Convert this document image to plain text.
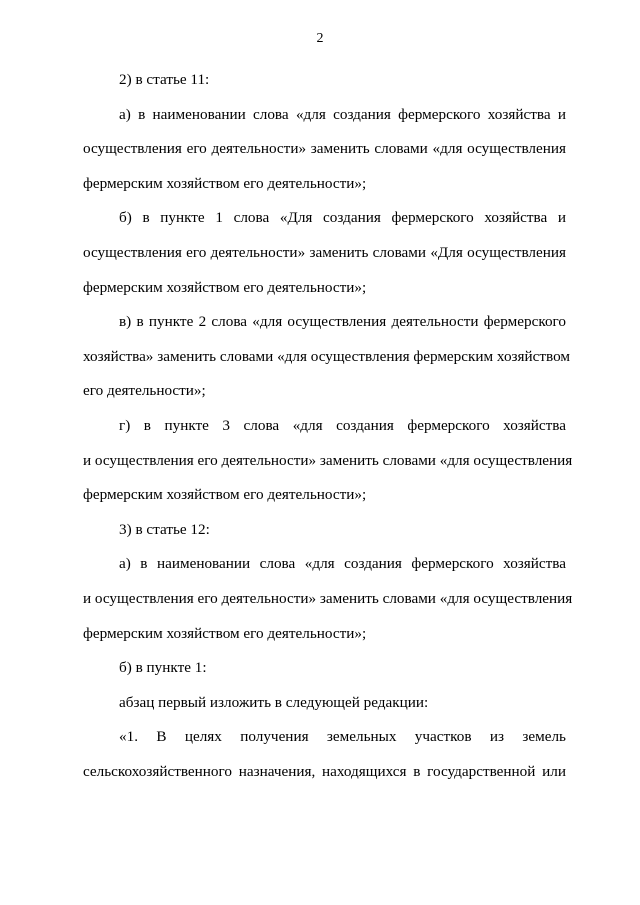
2
2) в статье 11:
а) в наименовании слова «для создания фермерского хозяйства и
осуществления его деятельности» заменить словами «для осуществления
фермерским хозяйством его деятельности»;
б) в пункте 1 слова «Для создания фермерского хозяйства и
осуществления его деятельности» заменить словами «Для осуществления
фермерским хозяйством его деятельности»;
в) в пункте 2 слова «для осуществления деятельности фермерского
хозяйства» заменить словами «для осуществления фермерским хозяйством
его деятельности»;
г) в пункте 3 слова «для создания фермерского хозяйства
и осуществления его деятельности» заменить словами «для осуществления
фермерским хозяйством его деятельности»;
3) в статье 12:
а) в наименовании слова «для создания фермерского хозяйства
и осуществления его деятельности» заменить словами «для осуществления
фермерским хозяйством его деятельности»;
б) в пункте 1:
абзац первый изложить в следующей редакции:
«1. В целях получения земельных участков из земель
сельскохозяйственного назначения, находящихся в государственной или
